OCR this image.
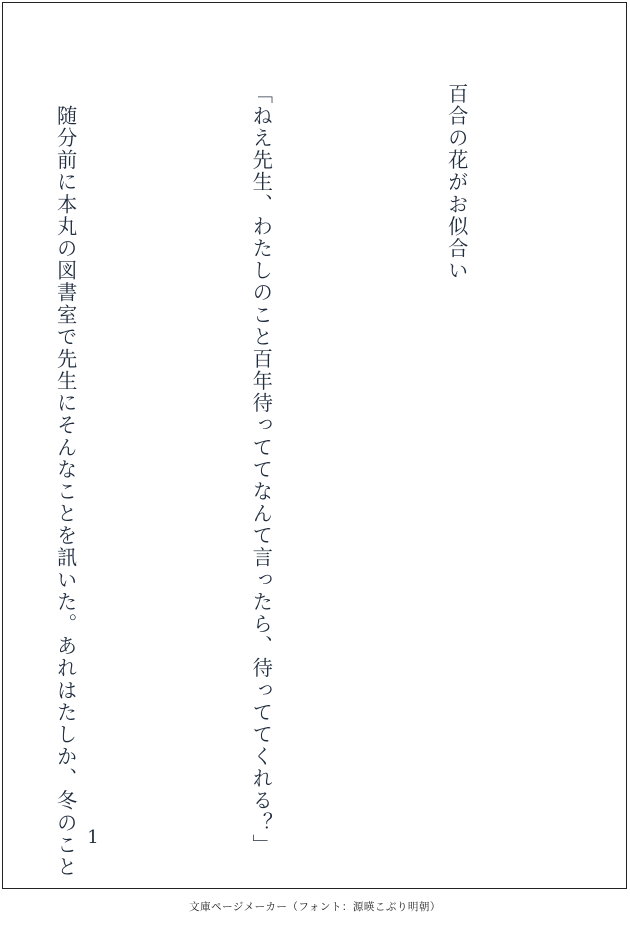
百合の花がお似合い

「ねえ先生、わたしのこと百年待っててなんて言ったら、待っててくれる？」

　随分前に本丸の図書室で先生にそんなことを訊いた。あれはたしか、冬のこと

1
文庫ページメーカー（フォント：源暎こぶり明朝）
